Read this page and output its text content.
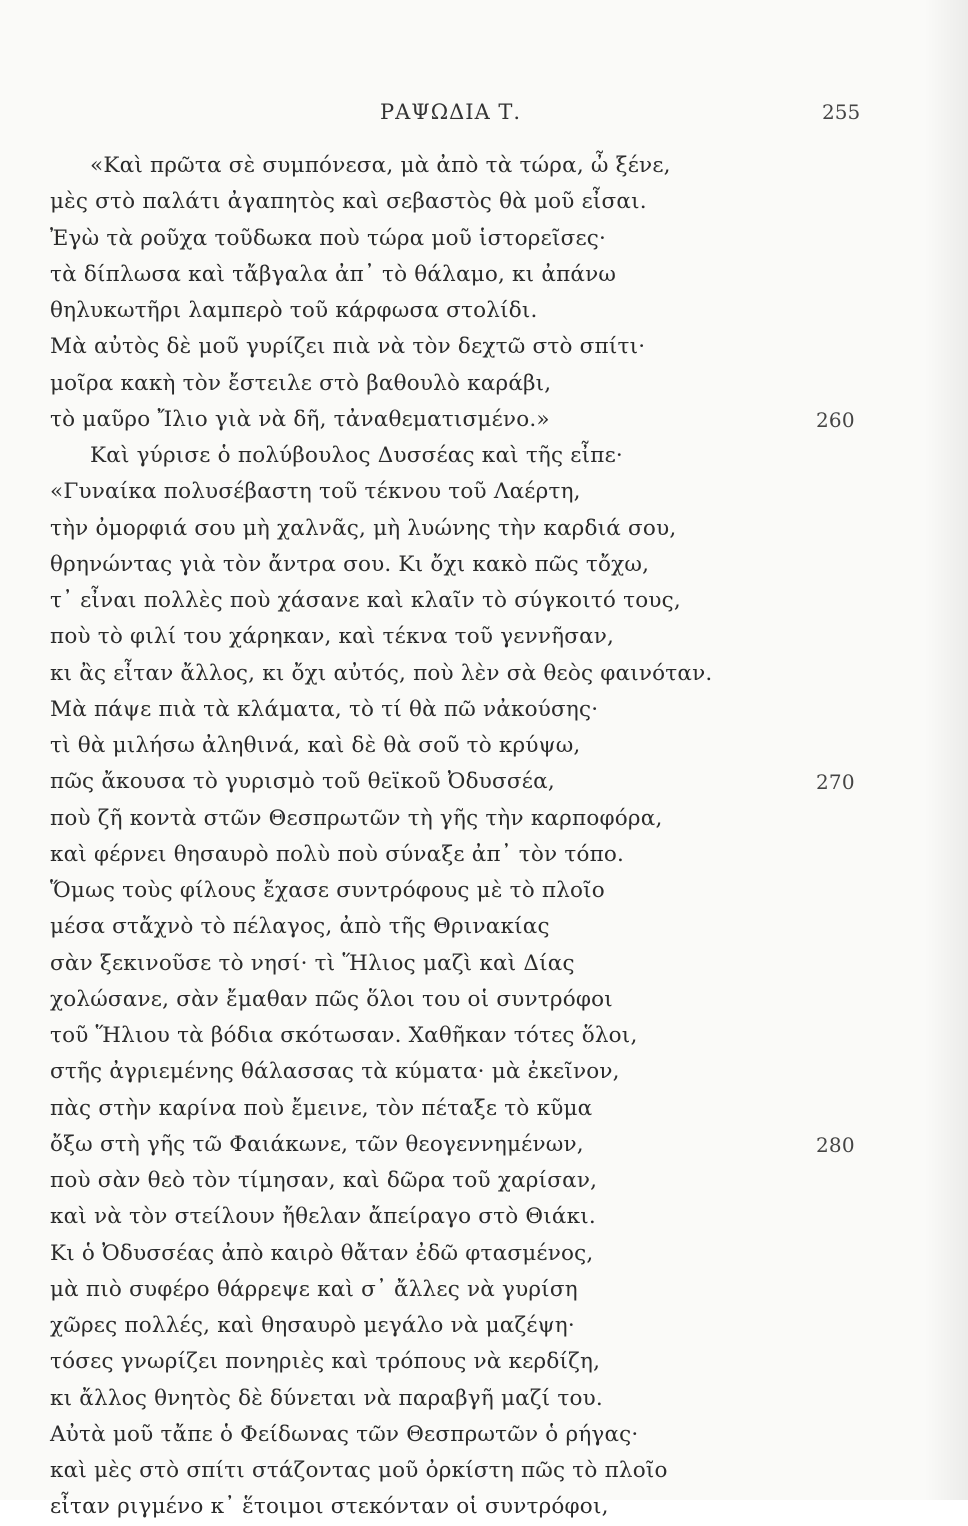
ΡΑΨΩΔΙΑ Τ.	255
«Καὶ πρῶτα σὲ συμπόνεσα, μὰ ἀπὸ τὰ τώρα, ὦ ξένε,
μὲς στὸ παλάτι ἀγαπητὸς καὶ σεβαστὸς θὰ μοῦ εἶσαι.
Ἐγὼ τὰ ροῦχα τοῦδωκα ποὺ τώρα μοῦ ἱστορεῖσες·
τὰ δίπλωσα καὶ τἄβγαλα ἀπ᾽ τὸ θάλαμο, κι ἀπάνω
θηλυκωτῆρι λαμπερὸ τοῦ κάρφωσα στολίδι.
Μὰ αὐτὸς δὲ μοῦ γυρίζει πιὰ νὰ τὸν δεχτῶ στὸ σπίτι·
μοῖρα κακὴ τὸν ἔστειλε στὸ βαθουλὸ καράβι,
τὸ μαῦρο Ἴλιο γιὰ νὰ δῆ, τἀναθεματισμένο.»	260
Καὶ γύρισε ὁ πολύβουλος Δυσσέας καὶ τῆς εἶπε·
«Γυναίκα πολυσέβαστη τοῦ τέκνου τοῦ Λαέρτη,
τὴν ὀμορφιά σου μὴ χαλνᾶς, μὴ λυώνης τὴν καρδιά σου,
θρηνώντας γιὰ τὸν ἄντρα σου. Κι ὄχι κακὸ πῶς τὄχω,
τ᾽ εἶναι πολλὲς ποὺ χάσανε καὶ κλαῖν τὸ σύγκοιτό τους,
ποὺ τὸ φιλί του χάρηκαν, καὶ τέκνα τοῦ γεννῆσαν,
κι ἂς εἶταν ἄλλος, κι ὄχι αὐτός, ποὺ λὲν σὰ θεὸς φαινόταν.
Μὰ πάψε πιὰ τὰ κλάματα, τὸ τί θὰ πῶ νἀκούσης·
τὶ θὰ μιλήσω ἀληθινά, καὶ δὲ θὰ σοῦ τὸ κρύψω,
πῶς ἄκουσα τὸ γυρισμὸ τοῦ θεϊκοῦ Ὀδυσσέα,	270
ποὺ ζῆ κοντὰ στῶν Θεσπρωτῶν τὴ γῆς τὴν καρποφόρα,
καὶ φέρνει θησαυρὸ πολὺ ποὺ σύναξε ἀπ᾽ τὸν τόπο.
Ὅμως τοὺς φίλους ἔχασε συντρόφους μὲ τὸ πλοῖο
μέσα στἄχνὸ τὸ πέλαγος, ἀπὸ τῆς Θρινακίας
σὰν ξεκινοῦσε τὸ νησί· τὶ Ἥλιος μαζὶ καὶ Δίας
χολώσανε, σὰν ἔμαθαν πῶς ὅλοι του οἱ συντρόφοι
τοῦ Ἥλιου τὰ βόδια σκότωσαν. Χαθῆκαν τότες ὅλοι,
στῆς ἀγριεμένης θάλασσας τὰ κύματα· μὰ ἐκεῖνον,
πὰς στὴν καρίνα ποὺ ἔμεινε, τὸν πέταξε τὸ κῦμα
ὄξω στὴ γῆς τῶ Φαιάκωνε, τῶν θεογεννημένων,	280
ποὺ σὰν θεὸ τὸν τίμησαν, καὶ δῶρα τοῦ χαρίσαν,
καὶ νὰ τὸν στείλουν ἤθελαν ἄπείραγο στὸ Θιάκι.
Κι ὁ Ὀδυσσέας ἀπὸ καιρὸ θἄταν ἐδῶ φτασμένος,
μὰ πιὸ συφέρο θάρρεψε καὶ σ᾽ ἄλλες νὰ γυρίση
χῶρες πολλές, καὶ θησαυρὸ μεγάλο νὰ μαζέψη·
τόσες γνωρίζει πονηριὲς καὶ τρόπους νὰ κερδίζη,
κι ἄλλος θνητὸς δὲ δύνεται νὰ παραβγῆ μαζί του.
Αὐτὰ μοῦ τἄπε ὁ Φείδωνας τῶν Θεσπρωτῶν ὁ ρήγας·
καὶ μὲς στὸ σπίτι στάζοντας μοῦ ὀρκίστη πῶς τὸ πλοῖο
εἶταν ριγμένο κ᾽ ἕτοιμοι στεκόνταν οἱ συντρόφοι,
